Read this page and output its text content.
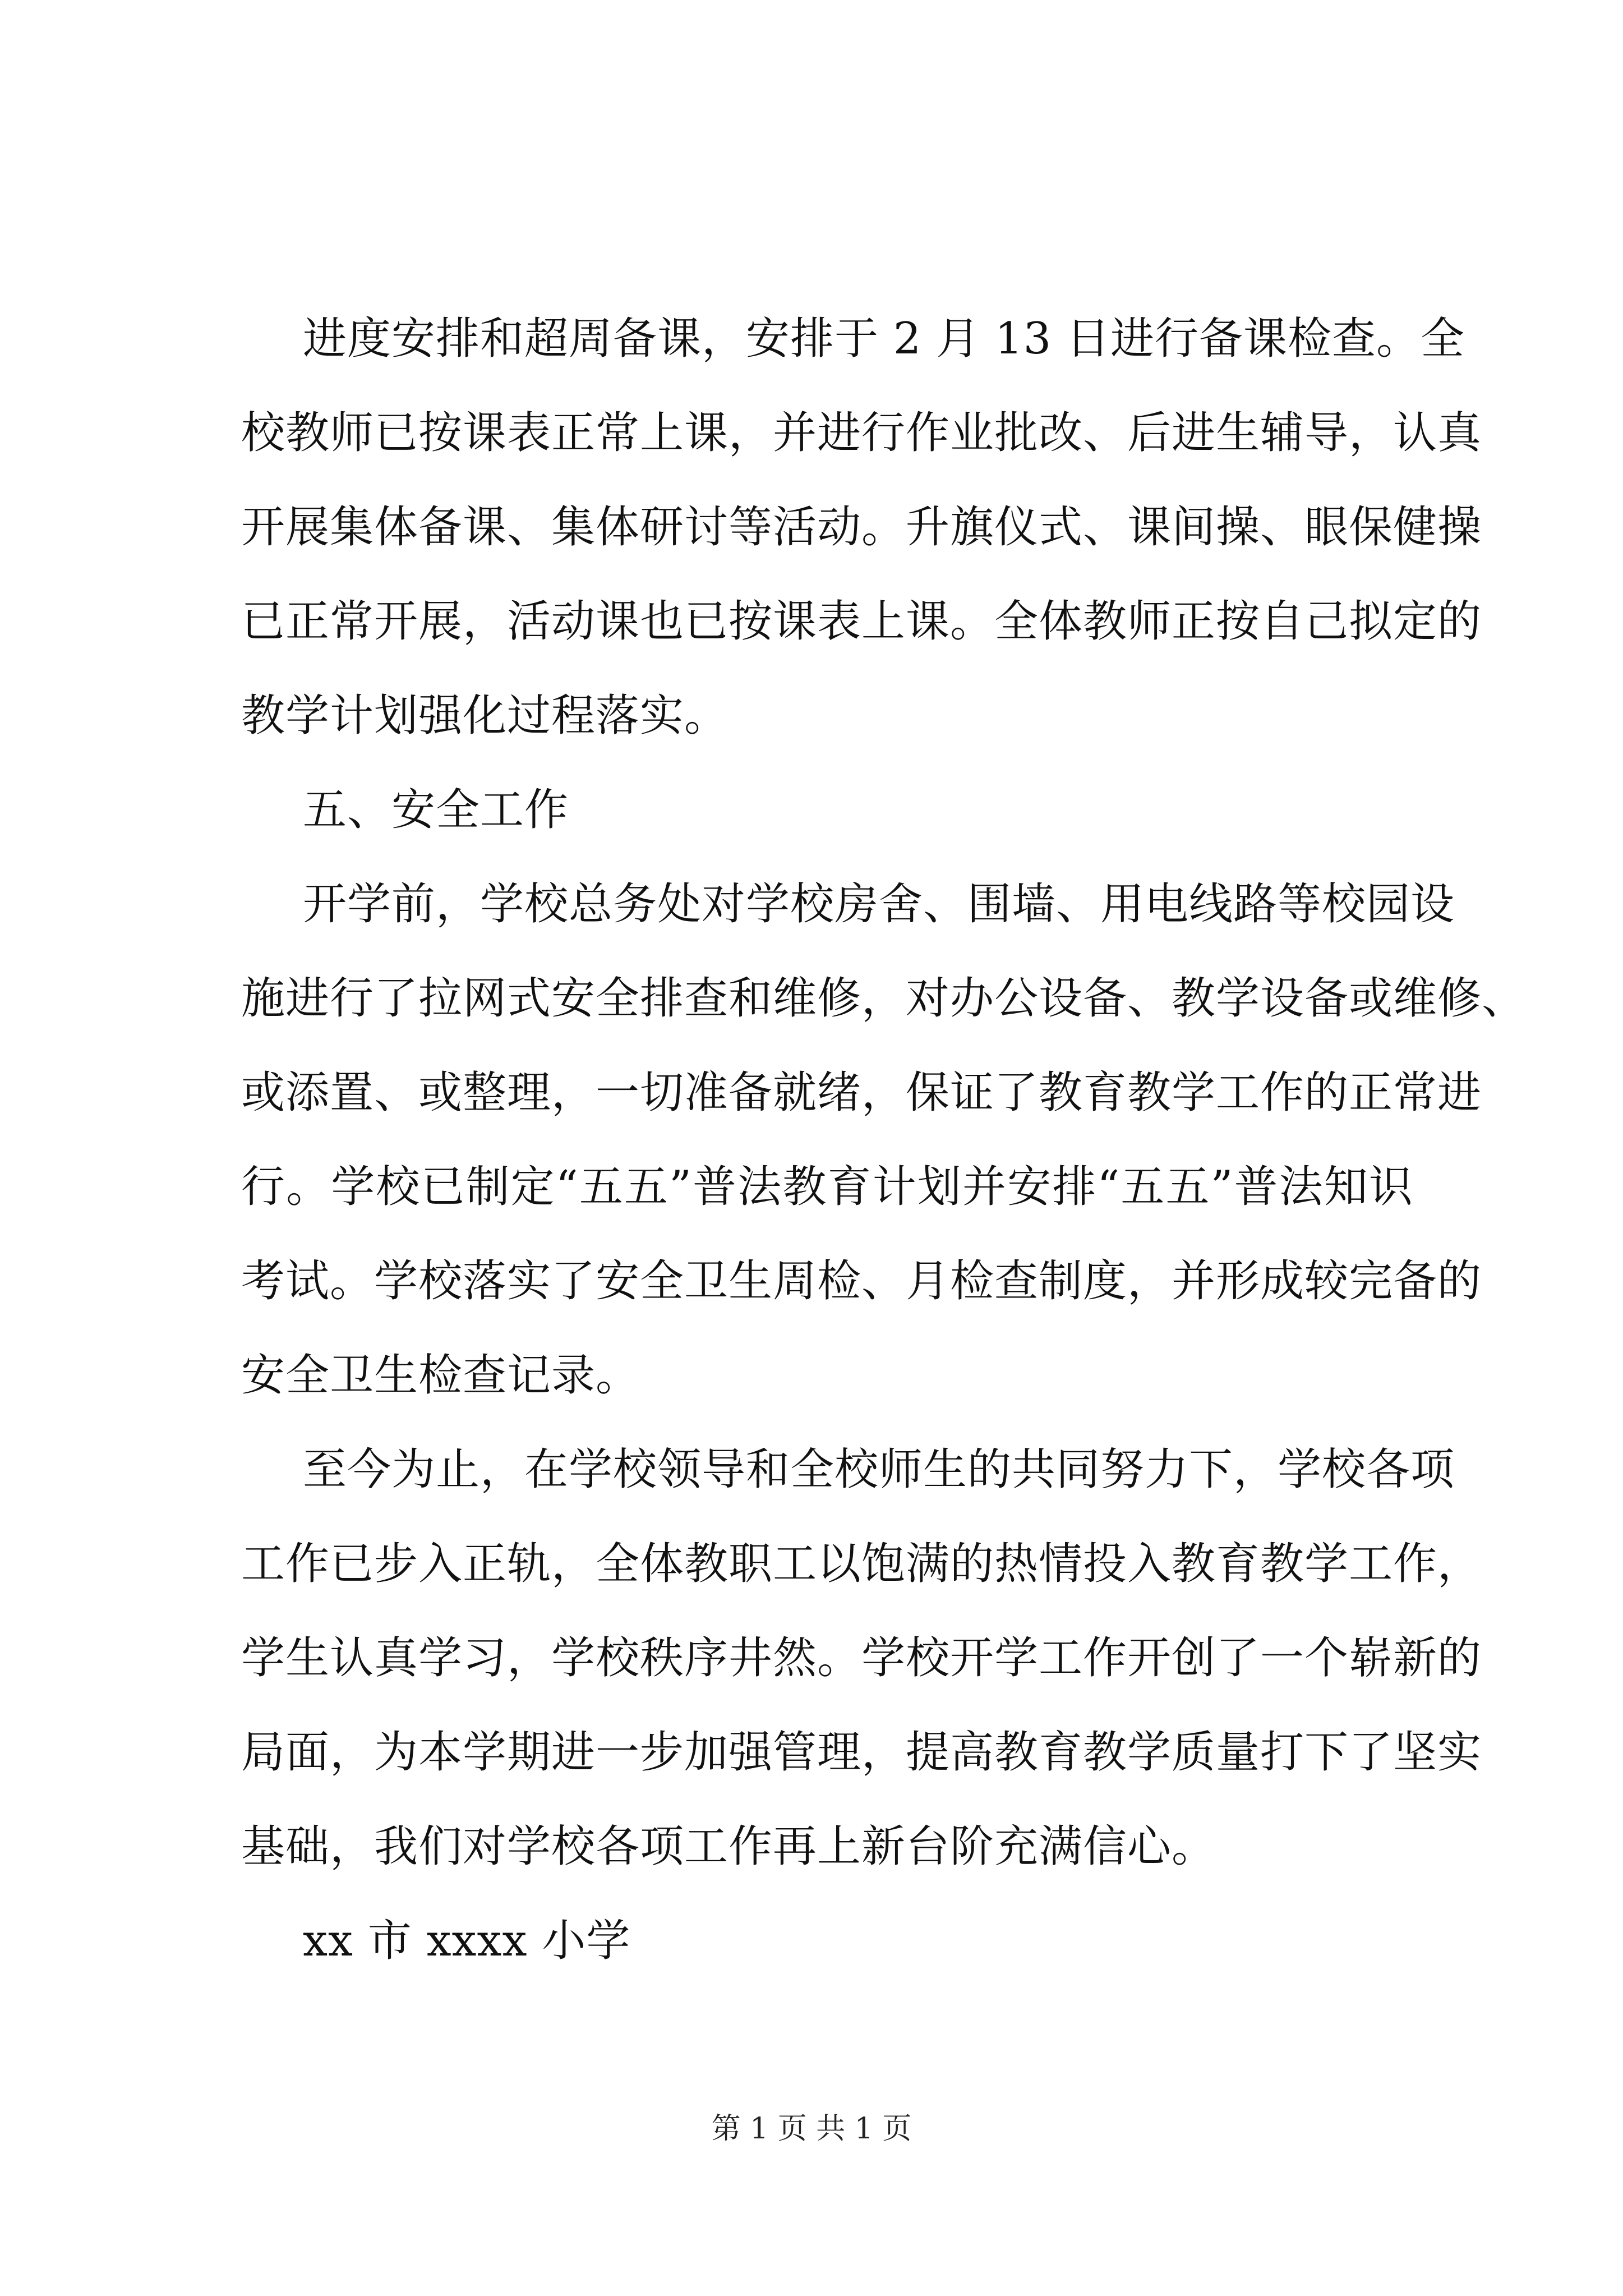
进度安排和超周备课，安排于 2 月 13 日进行备课检查。全
校教师已按课表正常上课，并进行作业批改、后进生辅导，认真
开展集体备课、集体研讨等活动。升旗仪式、课间操、眼保健操
已正常开展，活动课也已按课表上课。全体教师正按自己拟定的
教学计划强化过程落实。
五、安全工作
开学前，学校总务处对学校房舍、围墙、用电线路等校园设
施进行了拉网式安全排查和维修，对办公设备、教学设备或维修、
或添置、或整理，一切准备就绪，保证了教育教学工作的正常进
行。学校已制定“五五”普法教育计划并安排“五五”普法知识
考试。学校落实了安全卫生周检、月检查制度，并形成较完备的
安全卫生检查记录。
至今为止，在学校领导和全校师生的共同努力下，学校各项
工作已步入正轨，全体教职工以饱满的热情投入教育教学工作，
学生认真学习，学校秩序井然。学校开学工作开创了一个崭新的
局面，为本学期进一步加强管理，提高教育教学质量打下了坚实
基础，我们对学校各项工作再上新台阶充满信心。
xx 市 xxxx 小学
第 1 页 共 1 页
